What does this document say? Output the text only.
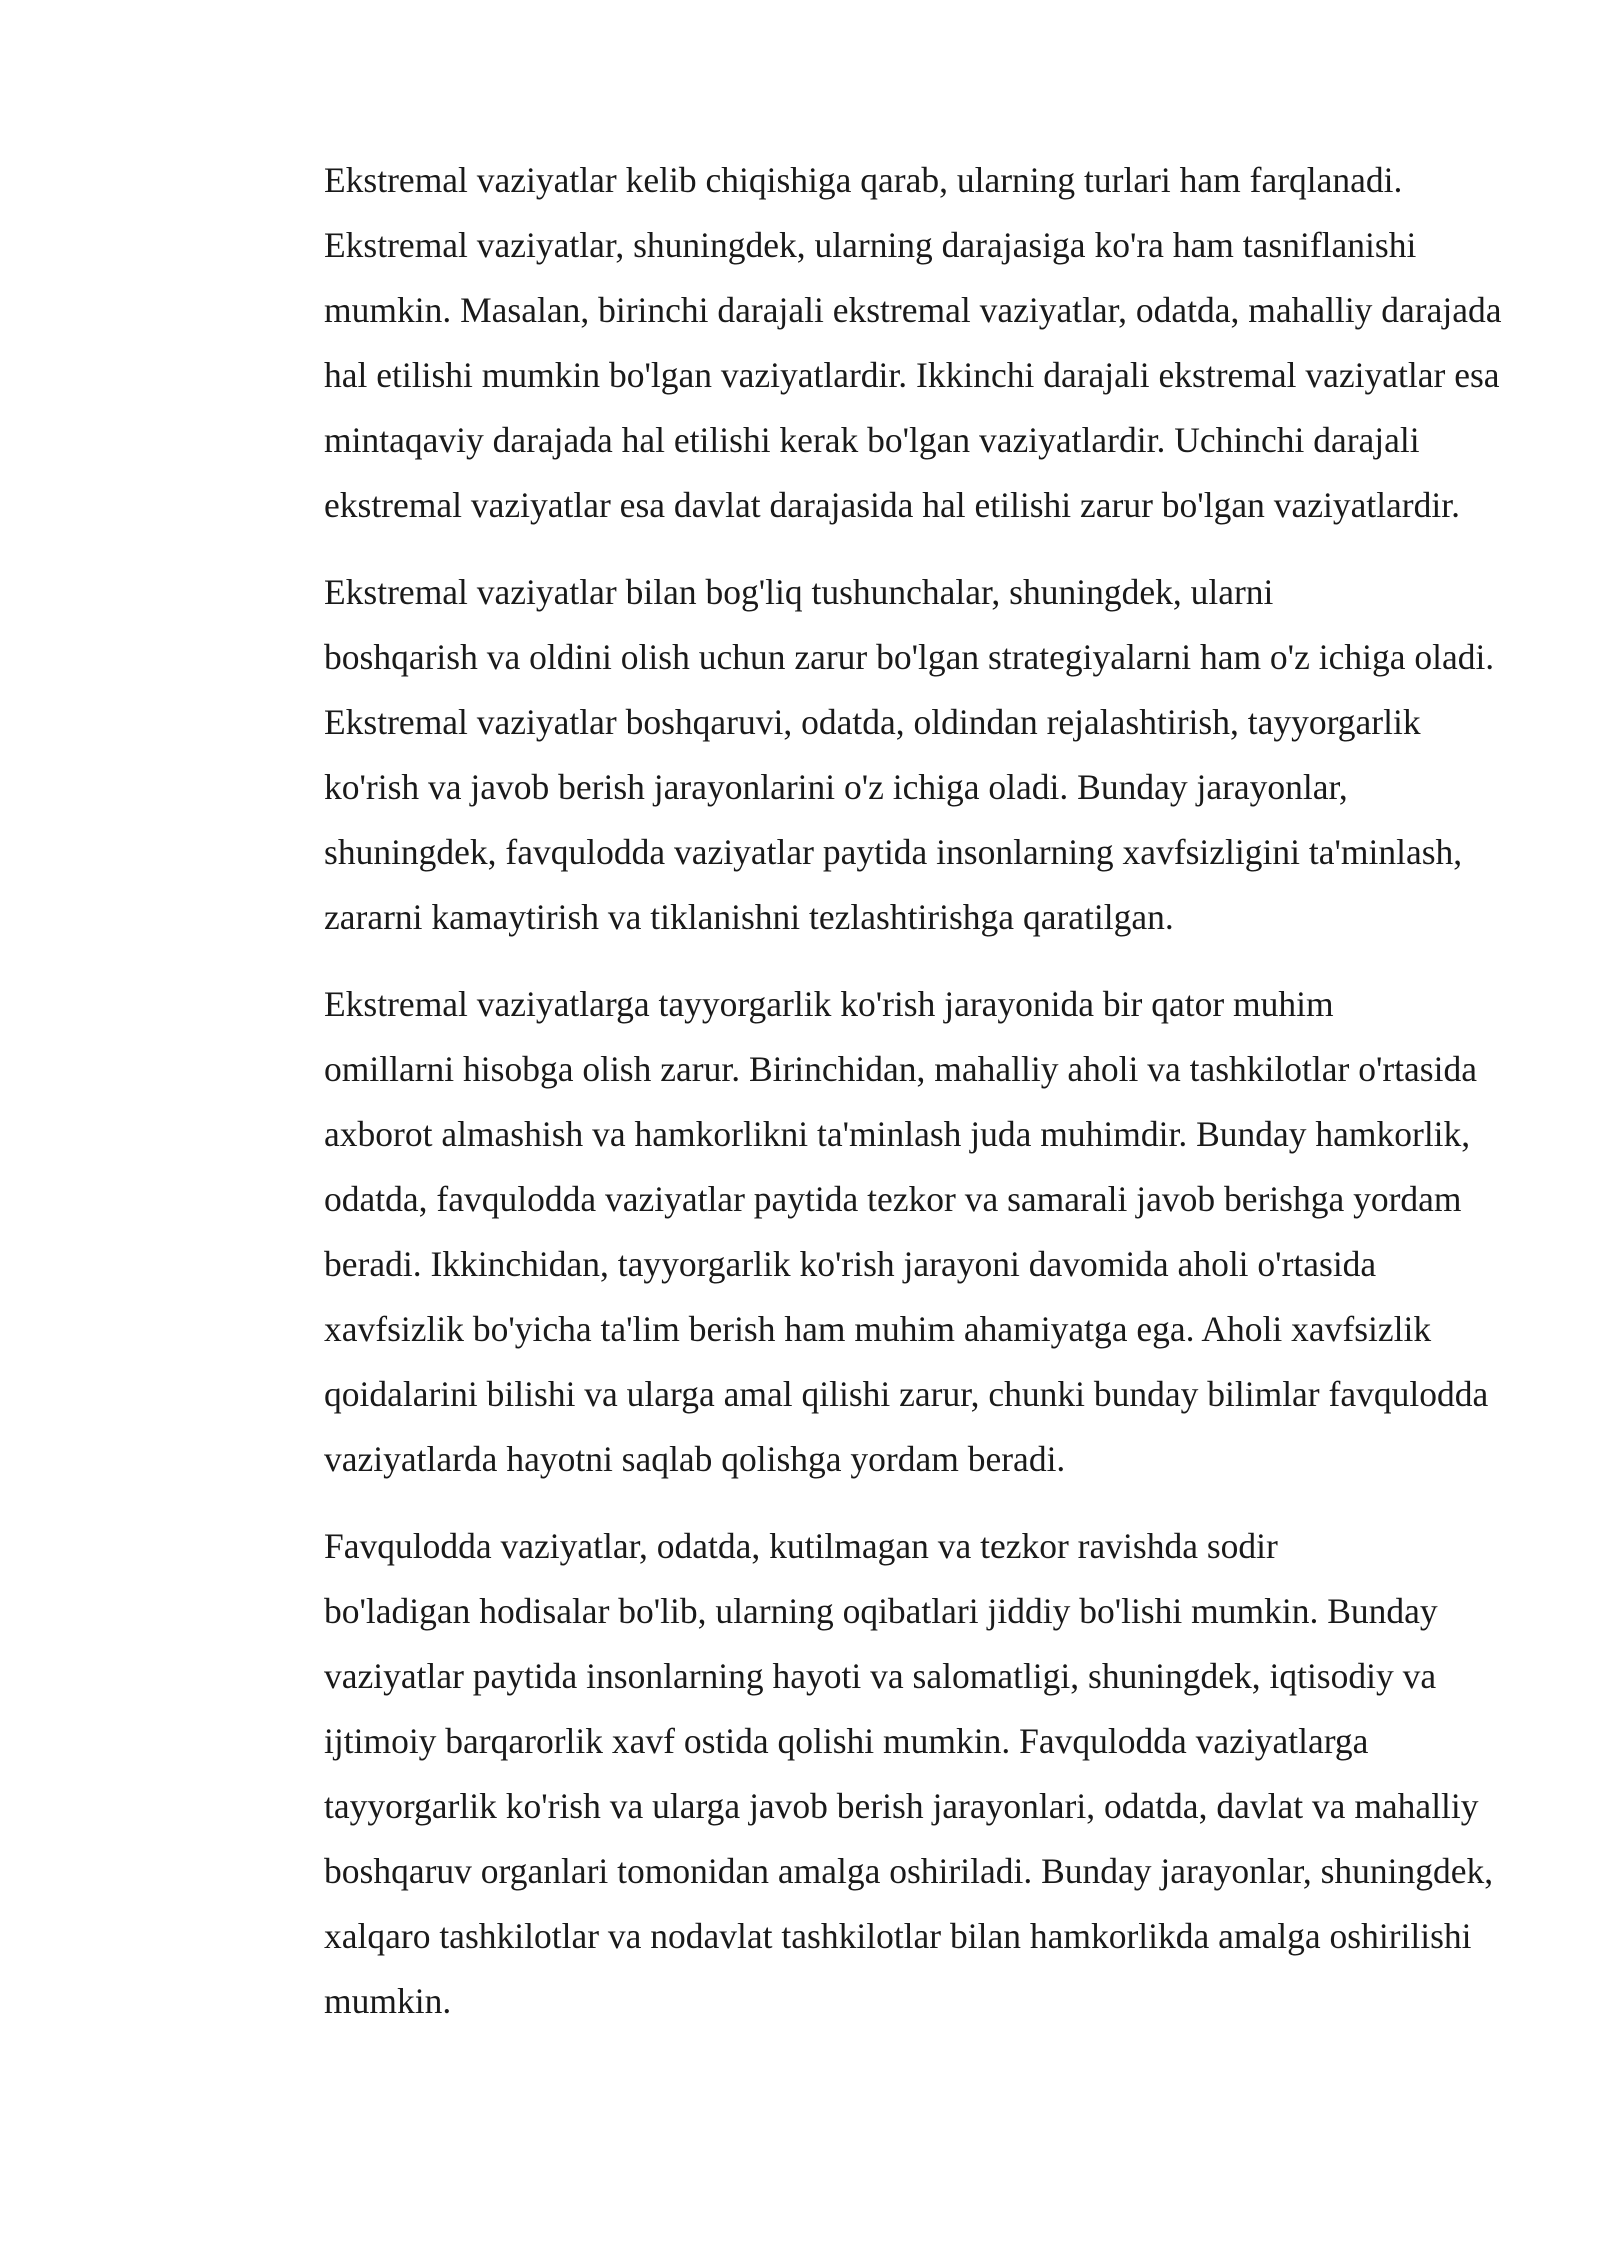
Ekstremal vaziyatlar kelib chiqishiga qarab, ularning turlari ham farqlanadi.
Ekstremal vaziyatlar, shuningdek, ularning darajasiga ko'ra ham tasniflanishi
mumkin. Masalan, birinchi darajali ekstremal vaziyatlar, odatda, mahalliy darajada
hal etilishi mumkin bo'lgan vaziyatlardir. Ikkinchi darajali ekstremal vaziyatlar esa
mintaqaviy darajada hal etilishi kerak bo'lgan vaziyatlardir. Uchinchi darajali
ekstremal vaziyatlar esa davlat darajasida hal etilishi zarur bo'lgan vaziyatlardir.

Ekstremal vaziyatlar bilan bog'liq tushunchalar, shuningdek, ularni
boshqarish va oldini olish uchun zarur bo'lgan strategiyalarni ham o'z ichiga oladi.
Ekstremal vaziyatlar boshqaruvi, odatda, oldindan rejalashtirish, tayyorgarlik
ko'rish va javob berish jarayonlarini o'z ichiga oladi. Bunday jarayonlar,
shuningdek, favqulodda vaziyatlar paytida insonlarning xavfsizligini ta'minlash,
zararni kamaytirish va tiklanishni tezlashtirishga qaratilgan.

Ekstremal vaziyatlarga tayyorgarlik ko'rish jarayonida bir qator muhim
omillarni hisobga olish zarur. Birinchidan, mahalliy aholi va tashkilotlar o'rtasida
axborot almashish va hamkorlikni ta'minlash juda muhimdir. Bunday hamkorlik,
odatda, favqulodda vaziyatlar paytida tezkor va samarali javob berishga yordam
beradi. Ikkinchidan, tayyorgarlik ko'rish jarayoni davomida aholi o'rtasida
xavfsizlik bo'yicha ta'lim berish ham muhim ahamiyatga ega. Aholi xavfsizlik
qoidalarini bilishi va ularga amal qilishi zarur, chunki bunday bilimlar favqulodda
vaziyatlarda hayotni saqlab qolishga yordam beradi.

Favqulodda vaziyatlar, odatda, kutilmagan va tezkor ravishda sodir
bo'ladigan hodisalar bo'lib, ularning oqibatlari jiddiy bo'lishi mumkin. Bunday
vaziyatlar paytida insonlarning hayoti va salomatligi, shuningdek, iqtisodiy va
ijtimoiy barqarorlik xavf ostida qolishi mumkin. Favqulodda vaziyatlarga
tayyorgarlik ko'rish va ularga javob berish jarayonlari, odatda, davlat va mahalliy
boshqaruv organlari tomonidan amalga oshiriladi. Bunday jarayonlar, shuningdek,
xalqaro tashkilotlar va nodavlat tashkilotlar bilan hamkorlikda amalga oshirilishi
mumkin.
